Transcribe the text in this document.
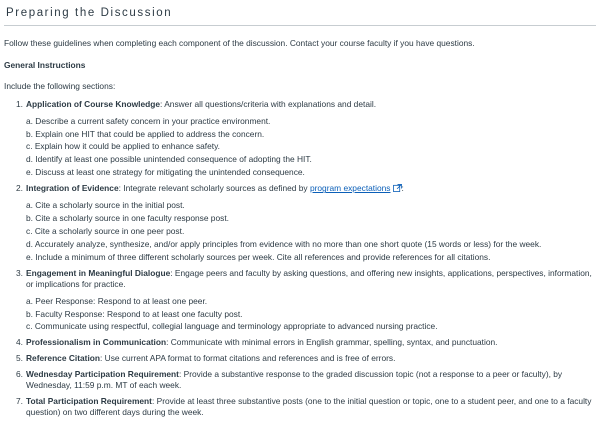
Preparing the Discussion

Follow these guidelines when completing each component of the discussion. Contact your course faculty if you have questions.

General Instructions

Include the following sections:

1. Application of Course Knowledge: Answer all questions/criteria with explanations and detail.
a. Describe a current safety concern in your practice environment.
b. Explain one HIT that could be applied to address the concern.
c. Explain how it could be applied to enhance safety.
d. Identify at least one possible unintended consequence of adopting the HIT.
e. Discuss at least one strategy for mitigating the unintended consequence.
2. Integration of Evidence: Integrate relevant scholarly sources as defined by program expectations :
a. Cite a scholarly source in the initial post.
b. Cite a scholarly source in one faculty response post.
c. Cite a scholarly source in one peer post.
d. Accurately analyze, synthesize, and/or apply principles from evidence with no more than one short quote (15 words or less) for the week.
e. Include a minimum of three different scholarly sources per week. Cite all references and provide references for all citations.
3. Engagement in Meaningful Dialogue: Engage peers and faculty by asking questions, and offering new insights, applications, perspectives, information, or implications for practice.
a. Peer Response: Respond to at least one peer.
b. Faculty Response: Respond to at least one faculty post.
c. Communicate using respectful, collegial language and terminology appropriate to advanced nursing practice.
4. Professionalism in Communication: Communicate with minimal errors in English grammar, spelling, syntax, and punctuation.
5. Reference Citation: Use current APA format to format citations and references and is free of errors.
6. Wednesday Participation Requirement: Provide a substantive response to the graded discussion topic (not a response to a peer or faculty), by Wednesday, 11:59 p.m. MT of each week.
7. Total Participation Requirement: Provide at least three substantive posts (one to the initial question or topic, one to a student peer, and one to a faculty question) on two different days during the week.
